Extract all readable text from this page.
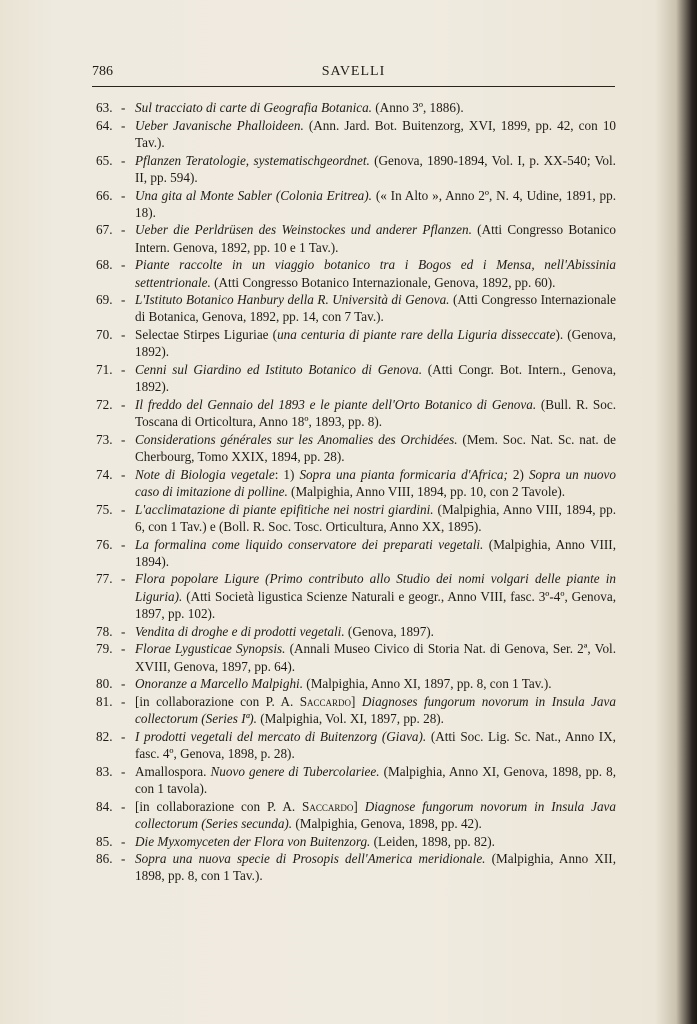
786	SAVELLI
63. - Sul tracciato di carte di Geografia Botanica. (Anno 3º, 1886).
64. - Ueber Javanische Phalloideen. (Ann. Jard. Bot. Buitenzorg, XVI, 1899, pp. 42, con 10 Tav.).
65. - Pflanzen Teratologie, systematischgeordnet. (Genova, 1890-1894, Vol. I, p. XX-540; Vol. II, pp. 594).
66. - Una gita al Monte Sabler (Colonia Eritrea). (« In Alto », Anno 2º, N. 4, Udine, 1891, pp. 18).
67. - Ueber die Perldrüsen des Weinstockes und anderer Pflanzen. (Atti Congresso Botanico Intern. Genova, 1892, pp. 10 e 1 Tav.).
68. - Piante raccolte in un viaggio botanico tra i Bogos ed i Mensa, nell'Abissinia settentrionale. (Atti Congresso Botanico Internazionale, Genova, 1892, pp. 60).
69. - L'Istituto Botanico Hanbury della R. Università di Genova. (Atti Congresso Internazionale di Botanica, Genova, 1892, pp. 14, con 7 Tav.).
70. - Selectae Stirpes Liguriae (una centuria di piante rare della Liguria disseccate). (Genova, 1892).
71. - Cenni sul Giardino ed Istituto Botanico di Genova. (Atti Congr. Bot. Intern., Genova, 1892).
72. - Il freddo del Gennaio del 1893 e le piante dell'Orto Botanico di Genova. (Bull. R. Soc. Toscana di Orticoltura, Anno 18º, 1893, pp. 8).
73. - Considerations générales sur les Anomalies des Orchidées. (Mem. Soc. Nat. Sc. nat. de Cherbourg, Tomo XXIX, 1894, pp. 28).
74. - Note di Biologia vegetale: 1) Sopra una pianta formicaria d'Africa; 2) Sopra un nuovo caso di imitazione di polline. (Malpighia, Anno VIII, 1894, pp. 10, con 2 Tavole).
75. - L'acclimatazione di piante epifitiche nei nostri giardini. (Malpighia, Anno VIII, 1894, pp. 6, con 1 Tav.) e (Boll. R. Soc. Tosc. Orticultura, Anno XX, 1895).
76. - La formalina come liquido conservatore dei preparati vegetali. (Malpighia, Anno VIII, 1894).
77. - Flora popolare Ligure (Primo contributo allo Studio dei nomi volgari delle piante in Liguria). (Atti Società ligustica Scienze Naturali e geogr., Anno VIII, fasc. 3º-4º, Genova, 1897, pp. 102).
78. - Vendita di droghe e di prodotti vegetali. (Genova, 1897).
79. - Florae Lygusticae Synopsis. (Annali Museo Civico di Storia Nat. di Genova, Ser. 2ª, Vol. XVIII, Genova, 1897, pp. 64).
80. - Onoranze a Marcello Malpighi. (Malpighia, Anno XI, 1897, pp. 8, con 1 Tav.).
81. - [in collaborazione con P. A. Saccardo] Diagnoses fungorum novorum in Insula Java collectorum (Series Iª). (Malpighia, Vol. XI, 1897, pp. 28).
82. - I prodotti vegetali del mercato di Buitenzorg (Giava). (Atti Soc. Lig. Sc. Nat., Anno IX, fasc. 4º, Genova, 1898, p. 28).
83. - Amallospora. Nuovo genere di Tubercolariee. (Malpighia, Anno XI, Genova, 1898, pp. 8, con 1 tavola).
84. - [in collaborazione con P. A. Saccardo] Diagnose fungorum novorum in Insula Java collectorum (Series secunda). (Malpighia, Genova, 1898, pp. 42).
85. - Die Myxomyceten der Flora von Buitenzorg. (Leiden, 1898, pp. 82).
86. - Sopra una nuova specie di Prosopis dell'America meridionale. (Malpighia, Anno XII, 1898, pp. 8, con 1 Tav.).
